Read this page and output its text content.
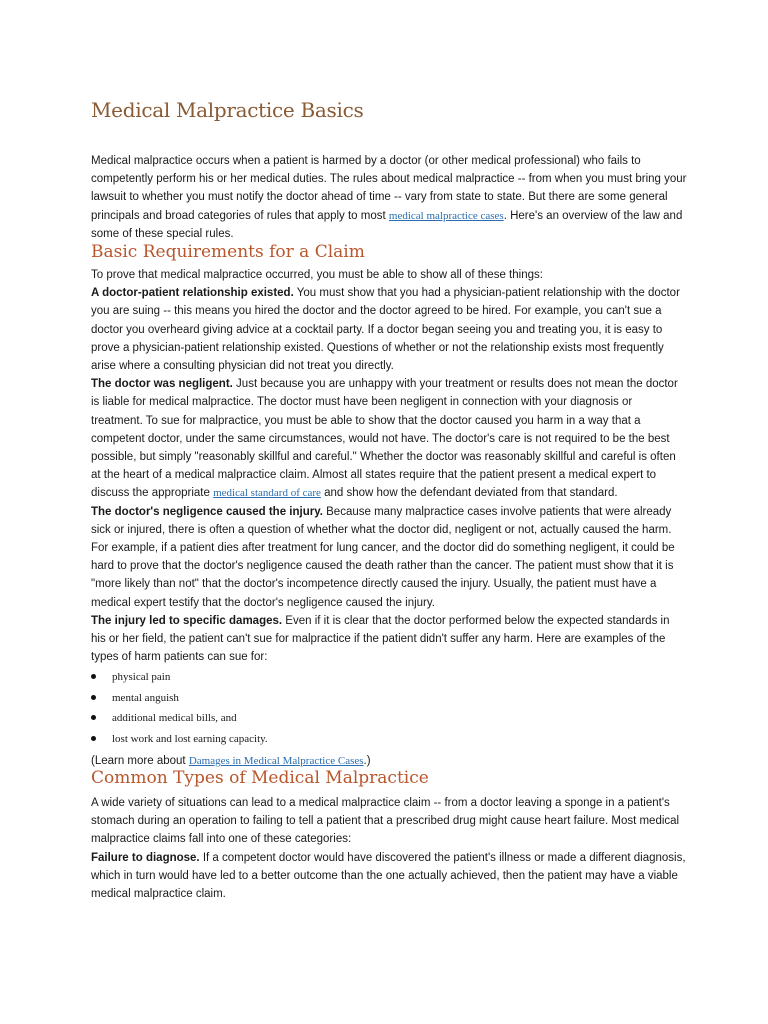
Medical Malpractice Basics

Medical malpractice occurs when a patient is harmed by a doctor (or other medical professional) who fails to competently perform his or her medical duties. The rules about medical malpractice -- from when you must bring your lawsuit to whether you must notify the doctor ahead of time -- vary from state to state. But there are some general principals and broad categories of rules that apply to most medical malpractice cases. Here's an overview of the law and some of these special rules.

Basic Requirements for a Claim

To prove that medical malpractice occurred, you must be able to show all of these things:

A doctor-patient relationship existed. You must show that you had a physician-patient relationship with the doctor you are suing -- this means you hired the doctor and the doctor agreed to be hired. For example, you can't sue a doctor you overheard giving advice at a cocktail party. If a doctor began seeing you and treating you, it is easy to prove a physician-patient relationship existed. Questions of whether or not the relationship exists most frequently arise where a consulting physician did not treat you directly.

The doctor was negligent. Just because you are unhappy with your treatment or results does not mean the doctor is liable for medical malpractice. The doctor must have been negligent in connection with your diagnosis or treatment. To sue for malpractice, you must be able to show that the doctor caused you harm in a way that a competent doctor, under the same circumstances, would not have. The doctor's care is not required to be the best possible, but simply "reasonably skillful and careful." Whether the doctor was reasonably skillful and careful is often at the heart of a medical malpractice claim. Almost all states require that the patient present a medical expert to discuss the appropriate medical standard of care and show how the defendant deviated from that standard.

The doctor's negligence caused the injury. Because many malpractice cases involve patients that were already sick or injured, there is often a question of whether what the doctor did, negligent or not, actually caused the harm. For example, if a patient dies after treatment for lung cancer, and the doctor did do something negligent, it could be hard to prove that the doctor's negligence caused the death rather than the cancer. The patient must show that it is "more likely than not" that the doctor's incompetence directly caused the injury. Usually, the patient must have a medical expert testify that the doctor's negligence caused the injury.

The injury led to specific damages. Even if it is clear that the doctor performed below the expected standards in his or her field, the patient can't sue for malpractice if the patient didn't suffer any harm. Here are examples of the types of harm patients can sue for:

physical pain
mental anguish
additional medical bills, and
lost work and lost earning capacity.

(Learn more about Damages in Medical Malpractice Cases.)

Common Types of Medical Malpractice

A wide variety of situations can lead to a medical malpractice claim -- from a doctor leaving a sponge in a patient's stomach during an operation to failing to tell a patient that a prescribed drug might cause heart failure. Most medical malpractice claims fall into one of these categories:

Failure to diagnose. If a competent doctor would have discovered the patient's illness or made a different diagnosis, which in turn would have led to a better outcome than the one actually achieved, then the patient may have a viable medical malpractice claim.
